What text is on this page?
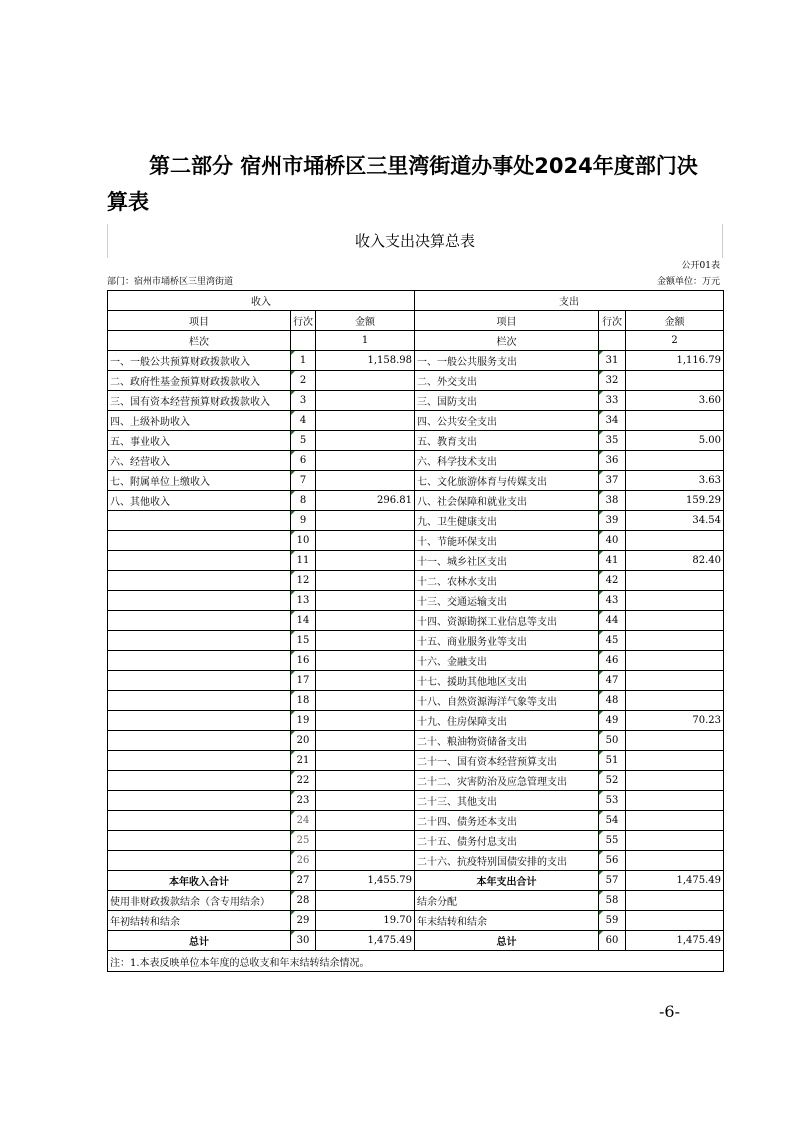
第二部分 宿州市埇桥区三里湾街道办事处2024年度部门决
算表
收入支出决算总表
公开01表
部门：宿州市埇桥区三里湾街道	金额单位：万元
收入			支出		
项目	行次	金额	项目	行次	金额
栏次		1	栏次		2
一、一般公共预算财政拨款收入	1	1,158.98	一、一般公共服务支出	31	1,116.79
二、政府性基金预算财政拨款收入	2		二、外交支出	32	
三、国有资本经营预算财政拨款收入	3		三、国防支出	33	3.60
四、上级补助收入	4		四、公共安全支出	34	
五、事业收入	5		五、教育支出	35	5.00
六、经营收入	6		六、科学技术支出	36	
七、附属单位上缴收入	7		七、文化旅游体育与传媒支出	37	3.63
八、其他收入	8	296.81	八、社会保障和就业支出	38	159.29
	9		九、卫生健康支出	39	34.54
	10		十、节能环保支出	40	
	11		十一、城乡社区支出	41	82.40
	12		十二、农林水支出	42	
	13		十三、交通运输支出	43	
	14		十四、资源勘探工业信息等支出	44	
	15		十五、商业服务业等支出	45	
	16		十六、金融支出	46	
	17		十七、援助其他地区支出	47	
	18		十八、自然资源海洋气象等支出	48	
	19		十九、住房保障支出	49	70.23
	20		二十、粮油物资储备支出	50	
	21		二十一、国有资本经营预算支出	51	
	22		二十二、灾害防治及应急管理支出	52	
	23		二十三、其他支出	53	
	24		二十四、债务还本支出	54	
	25		二十五、债务付息支出	55	
	26		二十六、抗疫特别国债安排的支出	56	
本年收入合计	27	1,455.79	本年支出合计	57	1,475.49
使用非财政拨款结余（含专用结余）	28		结余分配	58	
年初结转和结余	29	19.70	年末结转和结余	59	
总计	30	1,475.49	总计	60	1,475.49
注：1.本表反映单位本年度的总收支和年末结转结余情况。					
-6-
